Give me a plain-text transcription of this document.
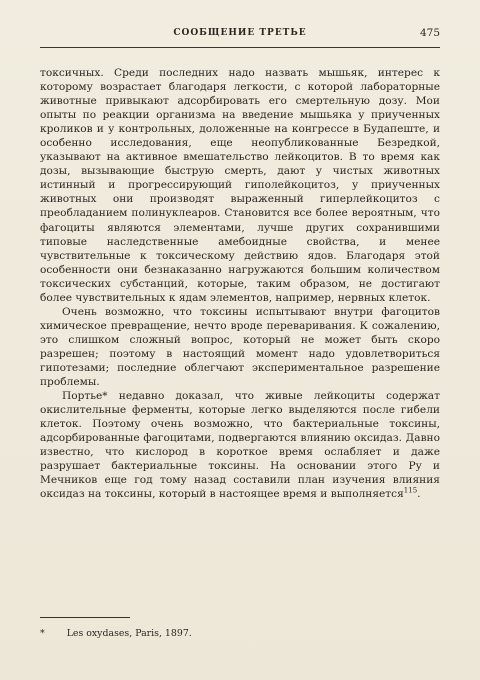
СООБЩЕНИЕ ТРЕТЬЕ	475

токсичных. Среди последних надо назвать мышьяк, интерес к которому возрастает благодаря легкости, с которой лабораторные животные привыкают адсорбировать его смертельную дозу. Мои опыты по реакции организма на введение мышьяка у приученных кроликов и у контрольных, доложенные на конгрессе в Будапеште, и особенно исследования, еще неопубликованные Безредкой, указывают на активное вмешательство лейкоцитов. В то время как дозы, вызывающие быструю смерть, дают у чистых животных истинный и прогрессирующий гиполейкоцитоз, у приученных животных они производят выраженный гиперлейкоцитоз с преобладанием полинуклеаров. Становится все более вероятным, что фагоциты являются элементами, лучше других сохранившими типовые наследственные амебоидные свойства, и менее чувствительные к токсическому действию ядов. Благодаря этой особенности они безнаказанно нагружаются большим количеством токсических субстанций, которые, таким образом, не достигают более чувствительных к ядам элементов, например, нервных клеток.

Очень возможно, что токсины испытывают внутри фагоцитов химическое превращение, нечто вроде переваривания. К сожалению, это слишком сложный вопрос, который не может быть скоро разрешен; поэтому в настоящий момент надо удовлетвориться гипотезами; последние облегчают экспериментальное разрешение проблемы.

Портье* недавно доказал, что живые лейкоциты содержат окислительные ферменты, которые легко выделяются после гибели клеток. Поэтому очень возможно, что бактериальные токсины, адсорбированные фагоцитами, подвергаются влиянию оксидаз. Давно известно, что кислород в короткое время ослабляет и даже разрушает бактериальные токсины. На основании этого Ру и Мечников еще год тому назад составили план изучения влияния оксидаз на токсины, который в настоящее время и выполняется$^{115}$.

* Les oxydases, Paris, 1897.
